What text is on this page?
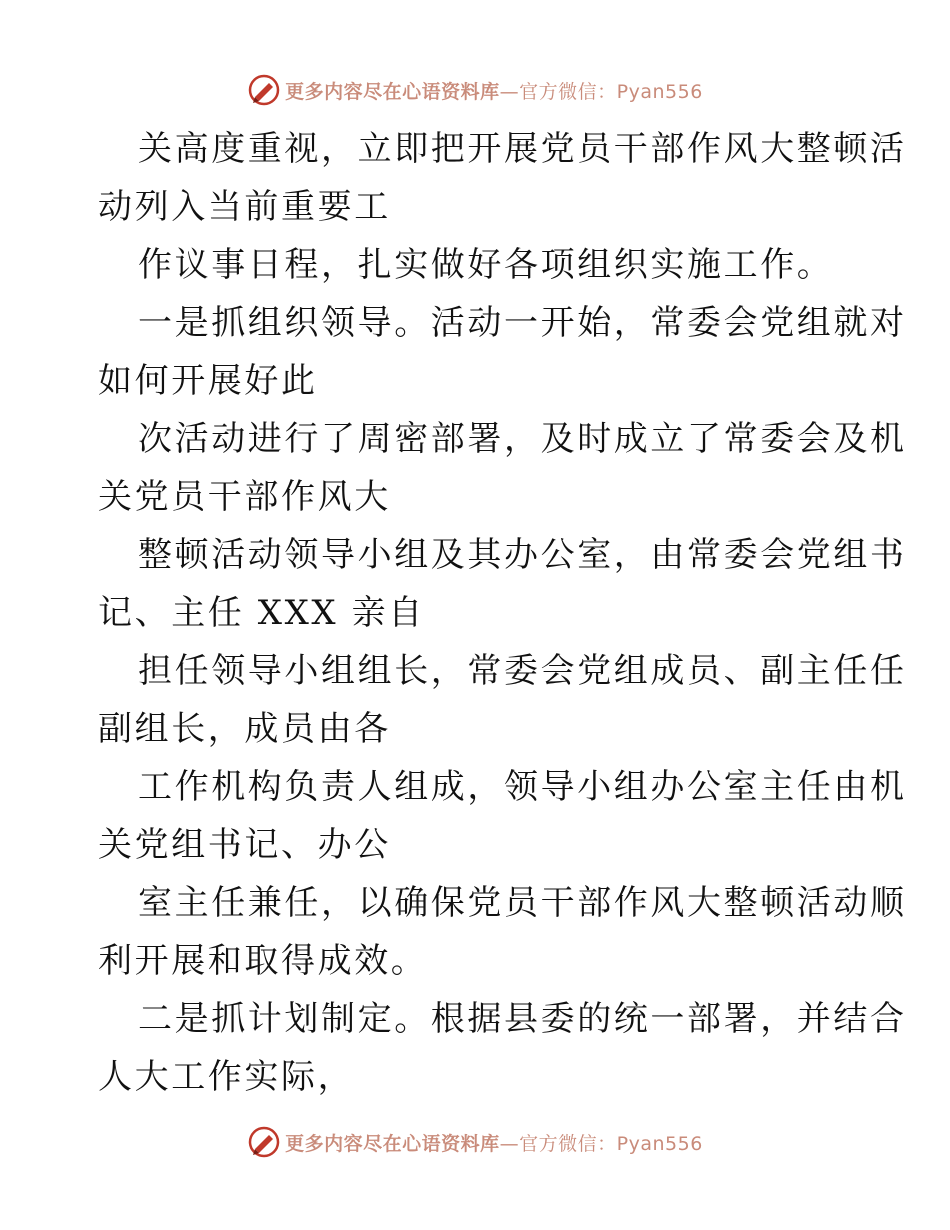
更多内容尽在心语资料库—官方微信：Pyan556
关高度重视，立即把开展党员干部作风大整顿活
动列入当前重要工
作议事日程，扎实做好各项组织实施工作。
一是抓组织领导。活动一开始，常委会党组就对
如何开展好此
次活动进行了周密部署，及时成立了常委会及机
关党员干部作风大
整顿活动领导小组及其办公室，由常委会党组书
记、主任 XXX 亲自
担任领导小组组长，常委会党组成员、副主任任
副组长，成员由各
工作机构负责人组成，领导小组办公室主任由机
关党组书记、办公
室主任兼任，以确保党员干部作风大整顿活动顺
利开展和取得成效。
二是抓计划制定。根据县委的统一部署，并结合
人大工作实际，
更多内容尽在心语资料库—官方微信：Pyan556
